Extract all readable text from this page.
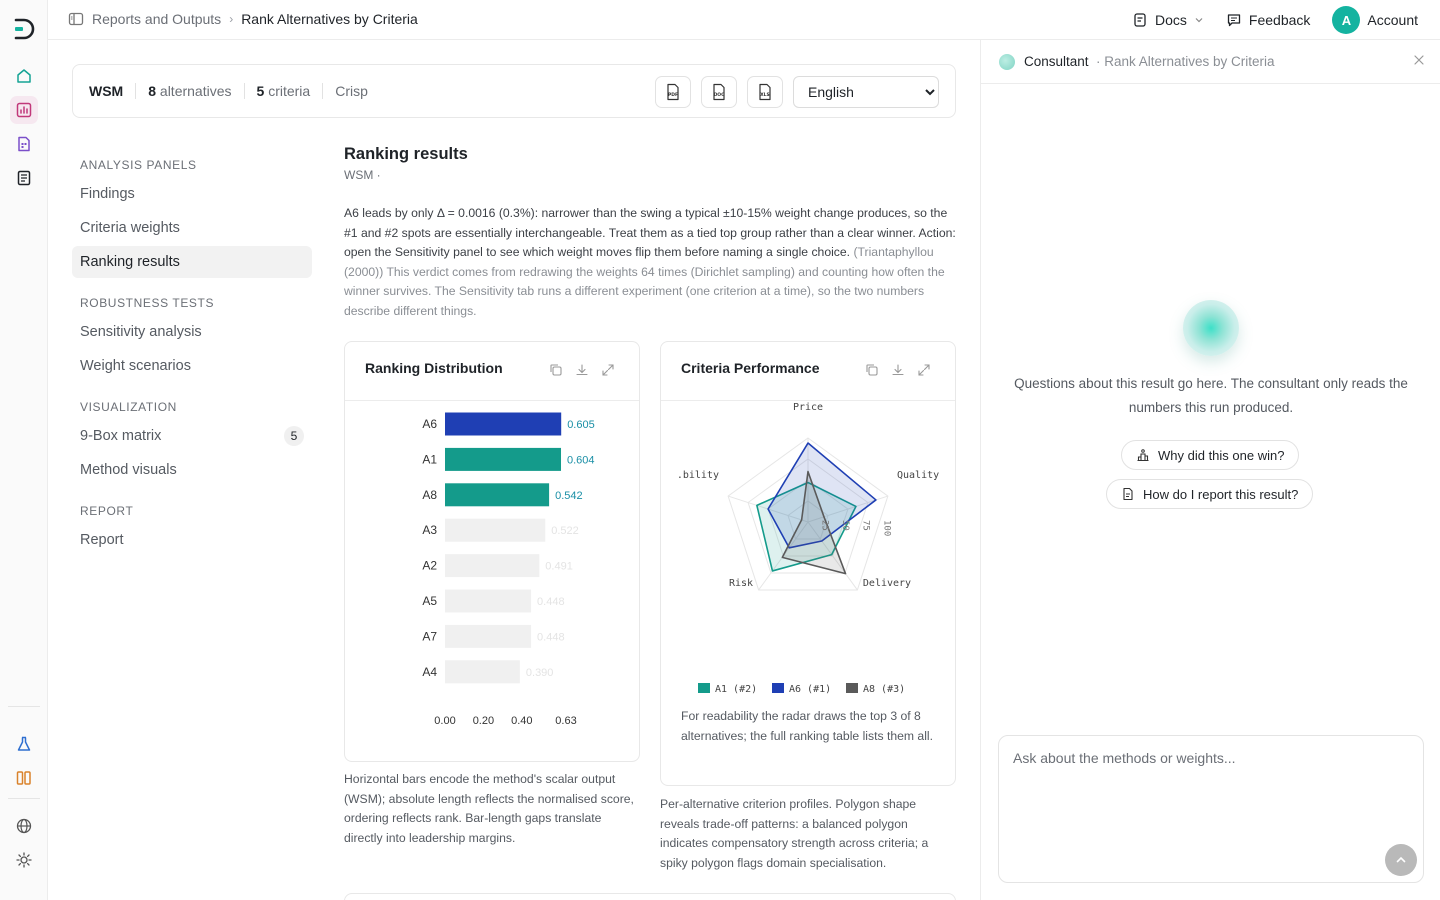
Reports and Outputs › Rank Alternatives by Criteria	Docs	Feedback	A	Account
WSM	8 alternatives	5 criteria	Crisp	PDF	DOC	XLS
English
ANALYSIS PANELS
Findings
Criteria weights
Ranking results
ROBUSTNESS TESTS
Sensitivity analysis
Weight scenarios
VISUALIZATION
9-Box matrix	5
Method visuals
REPORT
Report
Ranking results
WSM ·
A6 leads by only Δ = 0.0016 (0.3%): narrower than the swing a typical ±10-15% weight change produces, so the #1 and #2 spots are essentially interchangeable. Treat them as a tied top group rather than a clear winner. Action: open the Sensitivity panel to see which weight moves flip them before naming a single choice. (Triantaphyllou (2000)) This verdict comes from redrawing the weights 64 times (Dirichlet sampling) and counting how often the winner survives. The Sensitivity tab runs a different experiment (one criterion at a time), so the two numbers describe different things.
Ranking Distribution
A6	0.605
A1	0.604
A8	0.542
A3	0.522
A2	0.491
A5	0.448
A7	0.448
A4	0.390
0.00 0.20 0.40 0.63
Horizontal bars encode the method's scalar output (WSM); absolute length reflects the normalised score, ordering reflects rank. Bar-length gaps translate directly into leadership margins.
Criteria Performance
25 50 75 100
Price
Quality
Delivery
Risk
.bility
A1 (#2)	A6 (#1)	A8 (#3)
For readability the radar draws the top 3 of 8 alternatives; the full ranking table lists them all.
Per-alternative criterion profiles. Polygon shape reveals trade-off patterns: a balanced polygon indicates compensatory strength across criteria; a spiky polygon flags domain specialisation.
Consultant · Rank Alternatives by Criteria
Questions about this result go here. The consultant only reads the numbers this run produced.
Why did this one win?
How do I report this result?
Ask about the methods or weights...
